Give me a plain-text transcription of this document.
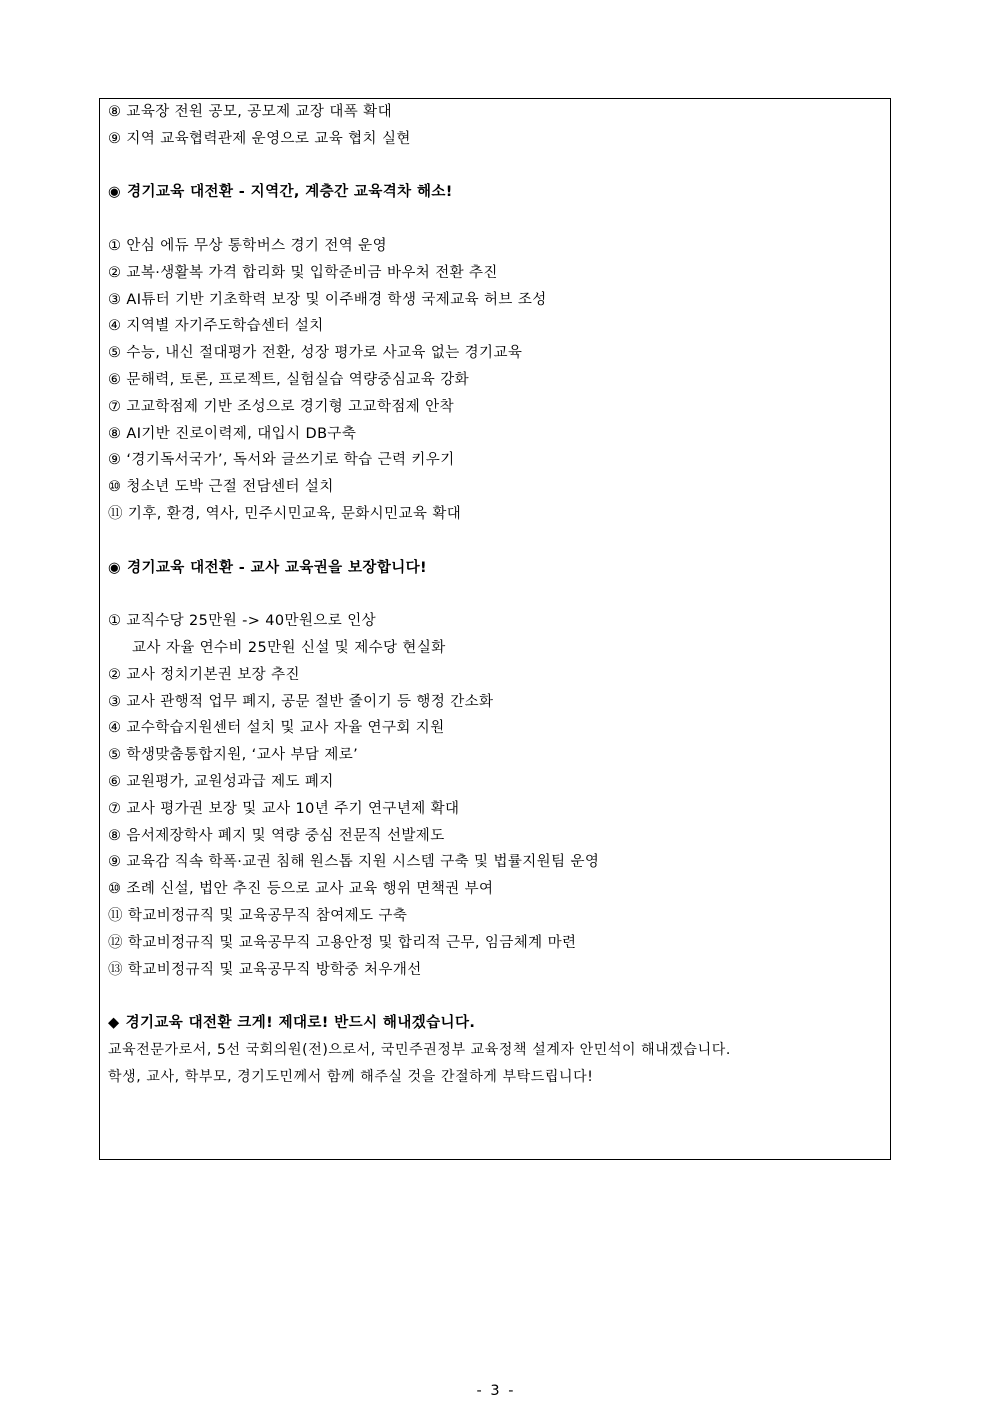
⑧ 교육장 전원 공모, 공모제 교장 대폭 확대
⑨ 지역 교육협력관제 운영으로 교육 협치 실현
◉ 경기교육 대전환 - 지역간, 계층간 교육격차 해소!
① 안심 에듀 무상 통학버스 경기 전역 운영
② 교복·생활복 가격 합리화 및 입학준비금 바우처 전환 추진
③ AI튜터 기반 기초학력 보장 및 이주배경 학생 국제교육 허브 조성
④ 지역별 자기주도학습센터 설치
⑤ 수능, 내신 절대평가 전환, 성장 평가로 사교육 없는 경기교육
⑥ 문해력, 토론, 프로젝트, 실험실습 역량중심교육 강화
⑦ 고교학점제 기반 조성으로 경기형 고교학점제 안착
⑧ AI기반 진로이력제, 대입시 DB구축
⑨ ‘경기독서국가’, 독서와 글쓰기로 학습 근력 키우기
⑩ 청소년 도박 근절 전담센터 설치
⑪ 기후, 환경, 역사, 민주시민교육, 문화시민교육 확대
◉ 경기교육 대전환 - 교사 교육권을 보장합니다!
① 교직수당 25만원 -> 40만원으로 인상
교사 자율 연수비 25만원 신설 및 제수당 현실화
② 교사 정치기본권 보장 추진
③ 교사 관행적 업무 폐지, 공문 절반 줄이기 등 행정 간소화
④ 교수학습지원센터 설치 및 교사 자율 연구회 지원
⑤ 학생맞춤통합지원, ‘교사 부담 제로’
⑥ 교원평가, 교원성과급 제도 폐지
⑦ 교사 평가권 보장 및 교사 10년 주기 연구년제 확대
⑧ 음서제장학사 폐지 및 역량 중심 전문직 선발제도
⑨ 교육감 직속 학폭·교권 침해 원스톱 지원 시스템 구축 및 법률지원팀 운영
⑩ 조례 신설, 법안 추진 등으로 교사 교육 행위 면책권 부여
⑪ 학교비정규직 및 교육공무직 참여제도 구축
⑫ 학교비정규직 및 교육공무직 고용안정 및 합리적 근무, 임금체계 마련
⑬ 학교비정규직 및 교육공무직 방학중 처우개선
◆ 경기교육 대전환 크게! 제대로! 반드시 해내겠습니다.
교육전문가로서, 5선 국회의원(전)으로서, 국민주권정부 교육정책 설계자 안민석이 해내겠습니다.
학생, 교사, 학부모, 경기도민께서 함께 해주실 것을 간절하게 부탁드립니다!
- 3 -
